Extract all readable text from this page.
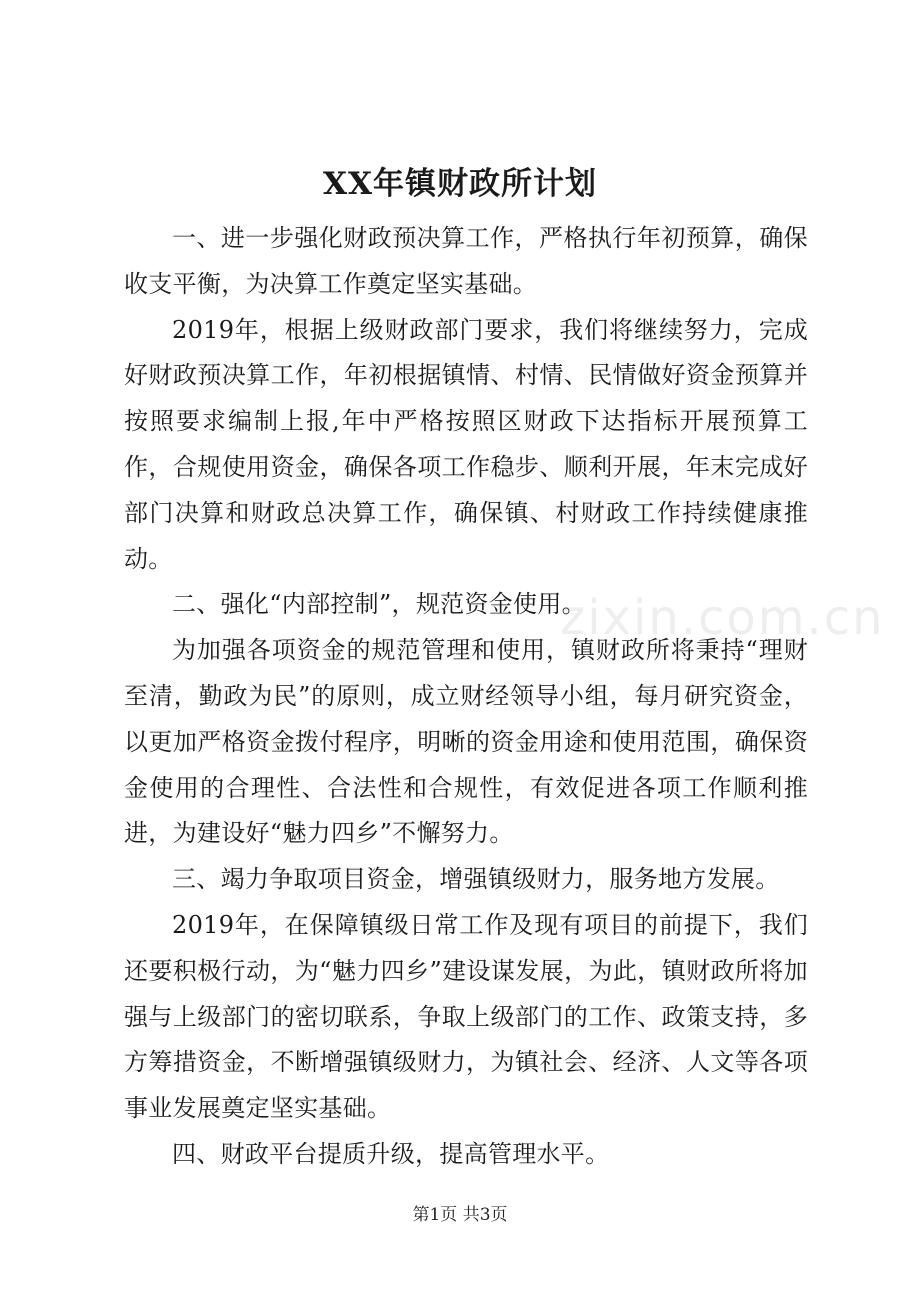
XX年镇财政所计划
zixin.com.cn

一、进一步强化财政预决算工作，严格执行年初预算，确保收支平衡，为决算工作奠定坚实基础。

2019年，根据上级财政部门要求，我们将继续努力，完成好财政预决算工作，年初根据镇情、村情、民情做好资金预算并按照要求编制上报,年中严格按照区财政下达指标开展预算工作，合规使用资金，确保各项工作稳步、顺利开展，年末完成好部门决算和财政总决算工作，确保镇、村财政工作持续健康推动。

二、强化“内部控制”，规范资金使用。

为加强各项资金的规范管理和使用，镇财政所将秉持“理财至清，勤政为民”的原则，成立财经领导小组，每月研究资金，以更加严格资金拨付程序，明晰的资金用途和使用范围，确保资金使用的合理性、合法性和合规性，有效促进各项工作顺利推进，为建设好“魅力四乡”不懈努力。

三、竭力争取项目资金，增强镇级财力，服务地方发展。

2019年，在保障镇级日常工作及现有项目的前提下，我们还要积极行动，为“魅力四乡”建设谋发展，为此，镇财政所将加强与上级部门的密切联系，争取上级部门的工作、政策支持，多方筹措资金，不断增强镇级财力，为镇社会、经济、人文等各项事业发展奠定坚实基础。

四、财政平台提质升级，提高管理水平。

第1页 共3页
